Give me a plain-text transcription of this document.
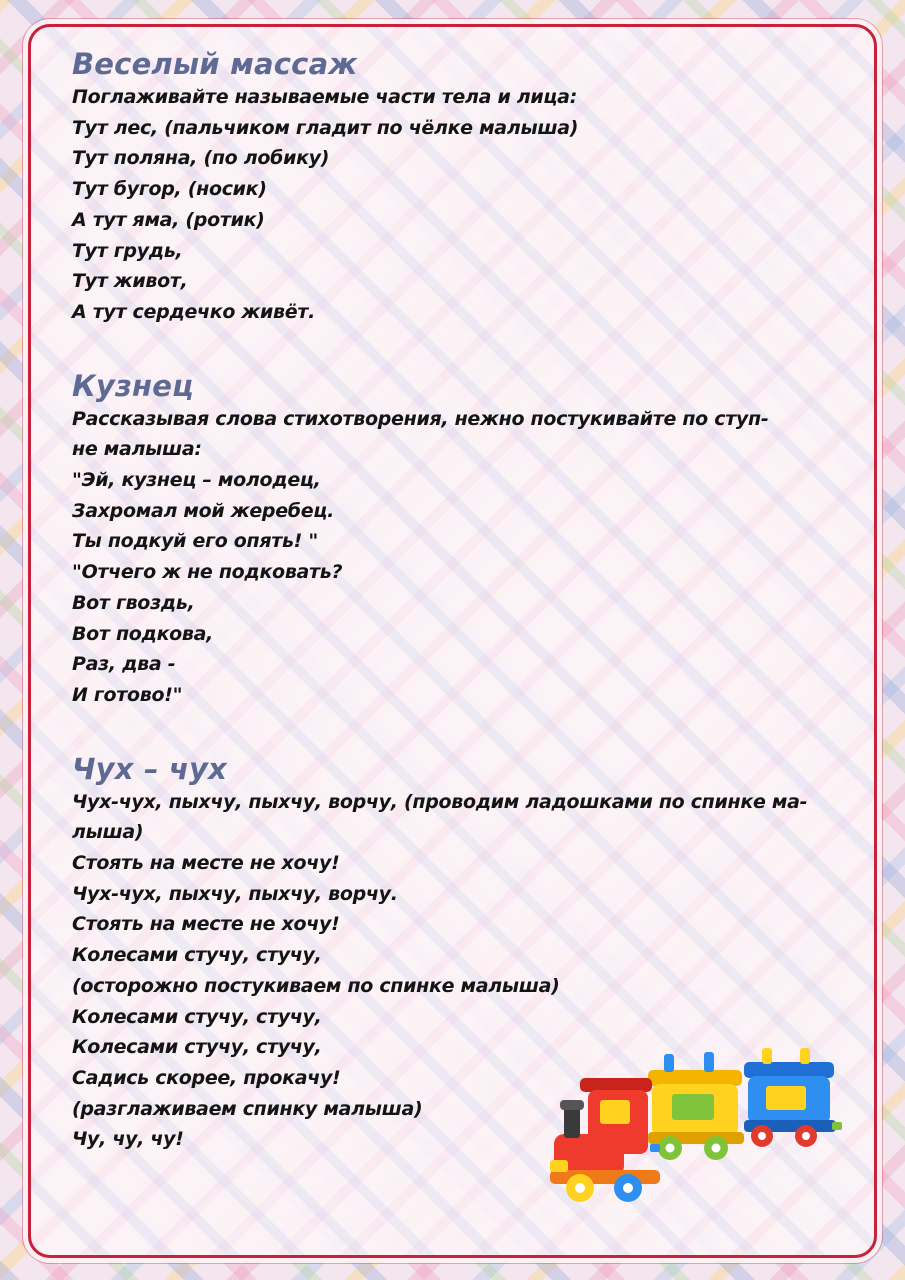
Веселый массаж
Поглаживайте называемые части тела и лица:
Тут лес, (пальчиком гладит по чёлке малыша)
Тут поляна, (по лобику)
Тут бугор, (носик)
А тут яма, (ротик)
Тут грудь,
Тут живот,
А тут сердечко живёт.
Кузнец
Рассказывая слова стихотворения, нежно постукивайте по ступ-
не малыша:
"Эй, кузнец – молодец,
Захромал мой жеребец.
Ты подкуй его опять! "
"Отчего ж не подковать?
Вот гвоздь,
Вот подкова,
Раз, два -
И готово!"
Чух – чух
Чух-чух, пыхчу, пыхчу, ворчу, (проводим ладошками по спинке ма-
лыша)
Стоять на месте не хочу!
Чух-чух, пыхчу, пыхчу, ворчу.
Стоять на месте не хочу!
Колесами стучу, стучу,
(осторожно постукиваем по спинке малыша)
Колесами стучу, стучу,
Колесами стучу, стучу,
Садись скорее, прокачу!
(разглаживаем спинку малыша)
Чу, чу, чу!
